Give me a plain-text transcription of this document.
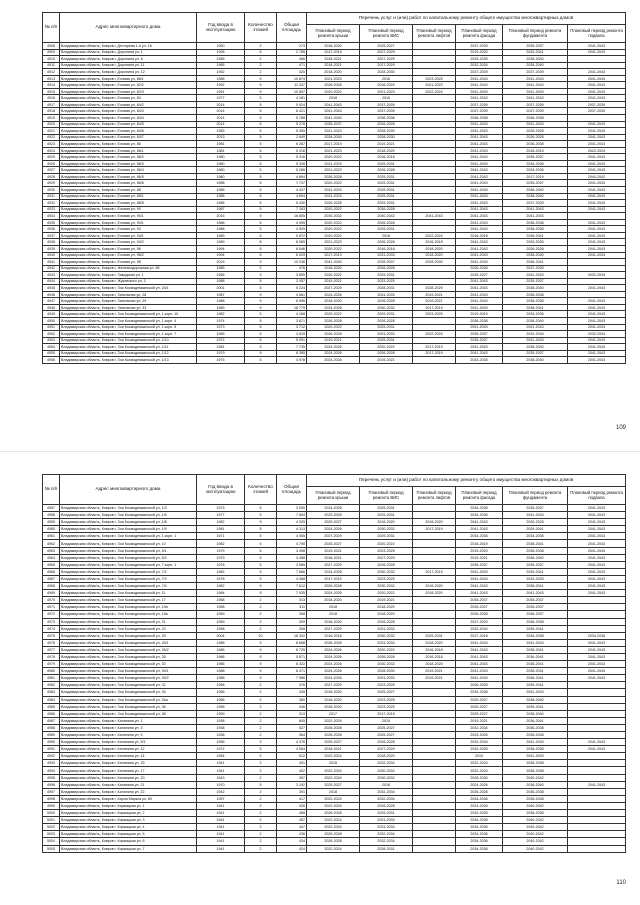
№ п/п	Адрес многоквартирного дома	Год ввода в эксплуатацию	Количество этажей	Общая площадь	Перечень услуг и (или) работ по капитальному ремонту общего имущества многоквартирных домов					
					Плановый период ремонта крыши	Плановый период ремонта ВИС	Плановый период ремонта лифтов	Плановый период ремонта фасада	Плановый период ремонта фундамента	Плановый период ремонта подвала
4908	Владимирская область, Ковров г, Дегтярева 1-я ул, 16	1950	2	273	2018-2020	2025-2027		2037-2039	2035-2037	2041-2043
4909	Владимирская область, Ковров г, Доронина ул, 1	1995	5	2 785	2017-2019	2027-2029		2019-2020	2033-2041	2041-2043
4910	Владимирская область, Ковров г, Доронина ул, 8	1985	2	466	2018-2021	2027-2029		2033-2035	2038-2040	
4911	Владимирская область, Ковров г, Доронина ул, 11	1985	2	471	2018-2021	2027-2029		2032-2034	2038-2040	
4912	Владимирская область, Ковров г, Доронина ул, 12	1952	2	320	2018-2020	2028-2030		2037-2039	2037-2039	2041-2043
4913	Владимирская область, Ковров г, Еловая ул, 86/1	1985	9	10 874	2021-2023	2016	2023-2025	2041-2043	2041-2043	2041-2043
4914	Владимирская область, Ковров г, Еловая ул, 82/2	1992	9	11 347	2026-2028	2016-2024	2021-2023	2041-2043	2041-2043	2041-2043
4915	Владимирская область, Ковров г, Еловая ул, 82/3	1991	9	10 897	2020-2022	2021-2023	2022-2024	2041-2043	2041-2043	2041-2043
4916	Владимирская область, Ковров г, Еловая ул, 84	1977	5	4 181	2018	2016		2041-2043	2041-2043	2041-2043
4917	Владимирская область, Ковров г, Еловая ул, 84/2	2014	5	5 924	2041-2043	2037-2039		2037-2039	2037-2039	2037-2039
4918	Владимирская область, Ковров г, Еловая ул, 84/3	2014	5	6 421	2041-2043	2037-2039		2037-2039	2037-2039	2037-2039
4919	Владимирская область, Ковров г, Еловая ул, 84/4	2014	5	5 788	2041-2043	2036-2038		2036-2038	2036-2038	
4920	Владимирская область, Ковров г, Еловая ул, 84/5	2014	5	5 278	2035-2037	2026-2028		2041-2043	2041-2043	2041-2043
4921	Владимирская область, Ковров г, Еловая ул, 84/6	1983	5	5 365	2021-2023	2028-2030		2041-2043	2026-2028	2041-2043
4922	Владимирская область, Ковров г, Еловая ул, 84/7	2013	5	2 849	2028-2030	2028-2030		2041-2043	2026-2028	2041-2043
4923	Владимирская область, Ковров г, Еловая ул, 86	1981	5	6 287	2017-2019	2019-2021		2041-2043	2036-2038	2041-2043
4924	Владимирская область, Ковров г, Еловая ул, 86/1	1981	5	5 316	2021-2023	2018-2020		2041-2043	2018-2015	2022-2024
4925	Владимирская область, Ковров г, Еловая ул, 86/2	1980	5	5 316	2020-2022	2016-2018		2041-2043	2035-2037	2041-2043
4926	Владимирская область, Ковров г, Еловая ул, 86/3	1980	5	5 326	2021-2023	2029-2031		2041-2043	2034-2036	2041-2043
4927	Владимирская область, Ковров г, Еловая ул, 86/4	1980	5	5 266	2021-2023	2026-2028		2041-2043	2034-2036	2041-2043
4928	Владимирская область, Ковров г, Еловая ул, 86/5	1980	5	4 894	2026-2028	2029-2031		2041-2043	2017-2019	2040-2042
4929	Владимирская область, Ковров г, Еловая ул, 86/6	1988	5	7 737	2020-2022	2029-2031		2041-2043	2035-2037	2041-2043
4930	Владимирская область, Ковров г, Еловая ул, 88	1986	5	4 427	2021-2023	2029-2031		2041-2043	2038-2040	2041-2043
4931	Владимирская область, Ковров г, Еловая ул, 88/1	1988	5	4 694	2021-2023	2029-2031		2041-2043	2038-2040	2041-2043
4932	Владимирская область, Ковров г, Еловая ул, 88/5	1986	5	5 430	2026-2028	2029-2031		2041-2043	2037-2039	2041-2043
4933	Владимирская область, Ковров г, Еловая ул, 90	1987	5	7 163	2020-2022	2026-2028		2041-2043	2041-2043	2041-2043
4934	Владимирская область, Ковров г, Еловая ул, 90/1	2016	9	16 855	2030-2032	2040-2042	2041-2043	2041-2043	2041-2043	
4935	Владимирская область, Ковров г, Еловая ул, 90/1	1986	5	4 995	2020-2022	2026-2028		2041-2043	2036-2038	2041-2043
4936	Владимирская область, Ковров г, Еловая ул, 94	1986	5	4 929	2020-2022	2029-2031		2041-2043	2036-2038	2041-2043
4937	Владимирская область, Ковров г, Еловая ул, 94/1	1989	5	5 872	2020-2022	2018	2022-2024	2016-2018	2036-2041	2041-2043
4938	Владимирская область, Ковров г, Еловая ул, 94/2	1989	8	8 065	2021-2023	2026-2028	2016-2018	2041-2043	2033-2035	2041-2043
4939	Владимирская область, Ковров г, Еловая ул, 96	1994	5	6 546	2020-2022	2016-2018	2018-2020	2041-2043	2026-2028	2041-2043
4940	Владимирская область, Ковров г, Еловая ул, 98/2	1994	6	6 029	2017-2019	2031-2033	2018-2020	2041-2043	2038-2040	2041-2043
4941	Владимирская область, Ковров г, Еловая ул, 98	2015	9	10 036	2041-2043	2035-2037	2028-2030	2041-2043	2036-2041	
4942	Владимирская область, Ковров г, Железнодорожная ул, 56	1985	2	476	2018-2020	2026-2028		2026-2028	2037-2039	
4943	Владимирская область, Ковров г, Заводская ул, 1	1956	3	3 895	2020-2022	2029-2031		2025-2027	2041-2043	2032-2034
4944	Владимирская область, Ковров г, Жуковского ул, 3	1988	5	3 457	2019-2021	2023-2025		2041-2043	2035-2037	
4945	Владимирская область, Ковров г, Зои Космодемьянской ул, 24/1	2001	5	5 224	2027-2029	2028-2031	2028-2029	2041-2043	2038-2040	2041-2043
4946	Владимирская область, Ковров г, Запольная ул, 28	1987	9	4 561	2024-2026	2031-2033	2019-2021	2041-2043	2036-2038	
4947	Владимирская область, Ковров г, Запольная ул, 29	1988	9	6 996	2018-2020	2026-2028	2019-2021	2041-2043	2036-2038	2041-2043
4948	Владимирская область, Ковров г, Запольная ул, 33	1989	9	18 779	2024-2026	2030-2032	2017-2019	2041-2043	2038-2041	2041-2043
4949	Владимирская область, Ковров г, Зои Космодемьянской ул, 1 корп. 10	1982	5	4 168	2020-2022	2029-2031	2023-2025	2019-2019	2034-2036	2041-2043
4950	Владимирская область, Ковров г, Зои Космодемьянской ул, 1 корп. 4	1974	5	3 871	2026-2028	2026-2028		2036-2038	2038-2040	2041-2043
4951	Владимирская область, Ковров г, Зои Космодемьянской ул, 1 корп. 5	1973	5	3 712	2020-2022	2029-2031		2041-2043	2041-2043	2041-2043
4952	Владимирская область, Ковров г, Зои Космодемьянской ул, 1 корп. 7	1985	5	4 515	2026-2028	2031-2033	2022-2024	2035-2037	2032-2034	2032-2034
4953	Владимирская область, Ковров г, Зои Космодемьянской ул, 1/10	1972	5	5 091	2019-2021	2029-2031		2035-2037	2041-2043	2041-2043
4954	Владимирская область, Ковров г, Зои Космодемьянской ул, 1/11	1981	9	7 735	2024-2026	2020-2022	2017-2019	2041-2043	2038-2040	2041-2043
4955	Владимирская область, Ковров г, Зои Космодемьянской ул, 1/12	1979	9	8 385	2024-2026	2026-2028	2017-2019	2041-2043	2035-2037	2041-2043
4956	Владимирская область, Ковров г, Зои Космодемьянской ул, 1/13	1975	5	4 978	2024-2026	2019-2021		2033-2035	2038-2040	2041-2043
109
№ п/п	Адрес многоквартирного дома	Год ввода в эксплуатацию	Количество этажей	Общая площадь	Перечень услуг и (или) работ по капитальному ремонту общего имущества многоквартирных домов					
					Плановый период ремонта крыши	Плановый период ремонта ВИС	Плановый период ремонта лифтов	Плановый период ремонта фасада	Плановый период ремонта фундамента	Плановый период ремонта подвала
4957	Владимирская область, Ковров г, Зои Космодемьянской ул, 1/3	1973	5	3 090	2024-2026	2029-2031		2034-2036	2035-2037	2041-2043
4958	Владимирская область, Ковров г, Зои Космодемьянской ул, 1/6	1977	5	7 654	2023-2025	2029-2031		2034-2036	2041-2043	2041-2043
4959	Владимирская область, Ковров г, Зои Космодемьянской ул, 1/8	1982	9	4 325	2025-2027	2018-2020	2018-2020	2041-2043	2026-2028	2041-2043
4960	Владимирская область, Ковров г, Зои Космодемьянской ул, 1/9	1981	5	4 313	2024-2026	2030-2032	2017-2019	2041-2043	2039-2041	2041-2043
4961	Владимирская область, Ковров г, Зои Космодемьянской ул, 1 корп. 1	1971	5	4 065	2027-2029	2029-2031		2034-2036	2034-2036	2041-2043
4962	Владимирская область, Ковров г, Зои Космодемьянской ул, 10	1982	5	4 790	2025-2027	2020-2022		2018-2019	2038-2041	2041-2043
4963	Владимирская область, Ковров г, Зои Космодемьянской ул, 5/1	1979	5	3 498	2019-2021	2023-2025		2019-2020	2036-2038	2041-2043
4964	Владимирская область, Ковров г, Зои Космодемьянской ул, 5/2	1979	5	3 458	2018-2021	2027-2029		2019-2021	2038-2040	2041-2043
4965	Владимирская область, Ковров г, Зои Космодемьянской ул, 7 корп. 1	1976	5	3 585	2027-2029	2026-2028		2035-2037	2035-2037	2041-2043
4966	Владимирская область, Ковров г, Зои Космодемьянской ул, 7/2	1982	9	7 666	2024-2026	2030-2032	2017-2019	2041-2043	2039-2041	2041-2043
4967	Владимирская область, Ковров г, Зои Космодемьянской ул, 7/3	1976	5	4 368	2017-2019	2023-2025		2041-2043	2033-2035	2041-2043
4968	Владимирская область, Ковров г, Зои Космодемьянской ул, 7/4	1982	9	7 612	2026-2028	2030-2032	2018-2020	2041-2043	2038-2041	2041-2043
4969	Владимирская область, Ковров г, Зои Космодемьянской ул, 11	1984	9	7 935	2024-2026	2020-2022	2018-2020	2041-2043	2041-2043	2041-2043
4970	Владимирская область, Ковров г, Зои Космодемьянской ул, 17	1958	2	313	2018-2020	2019-2021		2035-2037	2035-2037	
4971	Владимирская область, Ковров г, Зои Космодемьянской ул, 19а	1958	2	311	2018	2018-2020		2025-2027	2035-2037	
4972	Владимирская область, Ковров г, Зои Космодемьянской ул, 19а	1959	2	308	2018	2018-2020		2026-2028	2036-2037	
4973	Владимирская область, Ковров г, Зои Космодемьянской ул, 21	1959	2	309	2018-2020	2026-2028		2027-2029	2036-2038	
4974	Владимирская область, Ковров г, Зои Космодемьянской ул, 23	1958	2	308	2027-2029	2031-2033		2032-2034	2039-2041	
4975	Владимирская область, Ковров г, Зои Космодемьянской ул, 25	2004	10	18 302	2016-2018	2030-2032	2029-2031	2017-2018	2034-2038	2034-2036
4976	Владимирская область, Ковров г, Зои Космодемьянской ул, 25/1	1986	9	8 668	2026-2028	2031-2033	2018-2020	2041-2043	2041-2043	2041-2043
4977	Владимирская область, Ковров г, Зои Космодемьянской ул, 26/2	1985	9	8 725	2024-2026	2020-2022	2016-2018	2041-2043	2038-2041	2041-2043
4978	Владимирская область, Ковров г, Зои Космодемьянской ул, 28	1986	9	5 871	2024-2026	2026-2028	2016-2018	2041-2043	2036-2041	2041-2043
4979	Владимирская область, Ковров г, Зои Космодемьянской ул, 30	1986	9	8 322	2024-2026	2030-2032	2018-2020	2041-2043	2038-2041	2041-2043
4980	Владимирская область, Ковров г, Зои Космодемьянской ул, 30/1	1988	9	8 471	2024-2026	2028-2030	2019-2021	2041-2043	2038-2041	2041-2043
4981	Владимирская область, Ковров г, Зои Космодемьянской ул, 30/2	1988	9	7 986	2024-2026	2031-2033	2019-2021	2041-2043	2036-2041	2041-2043
4982	Владимирская область, Ковров г, Зои Космодемьянской ул, 32	1956	2	376	2027-2029	2023-2025		2026-2028	2039-2041	
4983	Владимирская область, Ковров г, Зои Космодемьянской ул, 34	1956	2	345	2018-2020	2025-2027		2034-2036	2041-2043	
4984	Владимирская область, Ковров г, Зои Космодемьянской ул, 34а	1956	2	360	2018-2020	2023-2025		2025-2027	2038-2040	
4985	Владимирская область, Ковров г, Зои Космодемьянской ул, 36	1956	2	346	2018-2020	2023-2025		2025-2027	2039-2041	
4986	Владимирская область, Ковров г, Зои Космодемьянской ул, 38	1959	2	313	2017	2017-2019		2025-2027	2038-2040	
4987	Владимирская область, Ковров г, Калинина ул, 1	1938	2	605	2022-2024	2015		2019-2021	2036-2041	
4988	Владимирская область, Ковров г, Калинина ул, 3	1938	2	527	2026-2028	2025-2027		2032-2034	2036-2038	
4989	Владимирская область, Ковров г, Калинина ул, 5	1936	2	364	2026-2028	2025-2027		2023-2025	2036-2038	
4990	Владимирская область, Ковров г, Калинина ул, 5/1	1956	3	4 376	2025-2027	2026-2028		2032-2034	2041-2043	2041-2043
4991	Владимирская область, Ковров г, Калинина ул, 12	1972	5	4 554	2018-2021	2027-2029		2033-2035	2036-2038	2041-2043
4992	Владимирская область, Ковров г, Калинина ул, 14	1954	2	512	2022-2024	2018-2020		2015	2041-2043	
4993	Владимирская область, Ковров г, Калинина ул, 15	1941	2	431	2015	2032-2034		2022-2024	2036-2038	
4994	Владимирская область, Ковров г, Калинина ул, 17	1941	2	402	2022-2024	2030-2032		2022-2024	2036-2038	
4995	Владимирская область, Ковров г, Калинина ул, 20	1543	2	397	2022-2024	2030-2032		2028-2030	2040-2042	
4996	Владимирская область, Ковров г, Калинина ул, 21	1970	5	3 192	2025-2027	2018		2024-2026	2038-2040	2041-2043
4997	Владимирская область, Ковров г, Калинина ул, 22	1942	2	391	2018	2032-2034		2026-2028	2036-2038	
4998	Владимирская область, Ковров г, Карла Маркса ул, 60	1957	2	417	2022-2024	2032-2034		2034-2036	2036-2038	
4999	Владимирская область, Ковров г, Киржацкая ул, 1	1941	2	426	2022-2024	2026-2028		2024-2026	2040-2042	
5000	Владимирская область, Ковров г, Киржацкая ул, 2	1941	2	468	2026-2028	2029-2031		2033-2035	2036-2038	
5001	Владимирская область, Ковров г, Киржацкая ул, 3	1941	2	457	2022-2024	2031-2033		2034-2036	2040-2042	
5002	Владимирская область, Ковров г, Киржацкая ул, 4	1941	2	447	2022-2024	2031-2033		2034-2036	2040-2042	
5003	Владимирская область, Ковров г, Киржацкая ул, 5	1941	2	436	2026-2028	2032-2034		2034-2036	2040-2042	
5004	Владимирская область, Ковров г, Киржацкая ул, 6	1941	2	434	2026-2028	2032-2034		2034-2036	2040-2042	
5005	Владимирская область, Ковров г, Киржацкая ул, 7	1941	2	424	2022-2024	2028-2031		2034-2036	2040-2042	
110
